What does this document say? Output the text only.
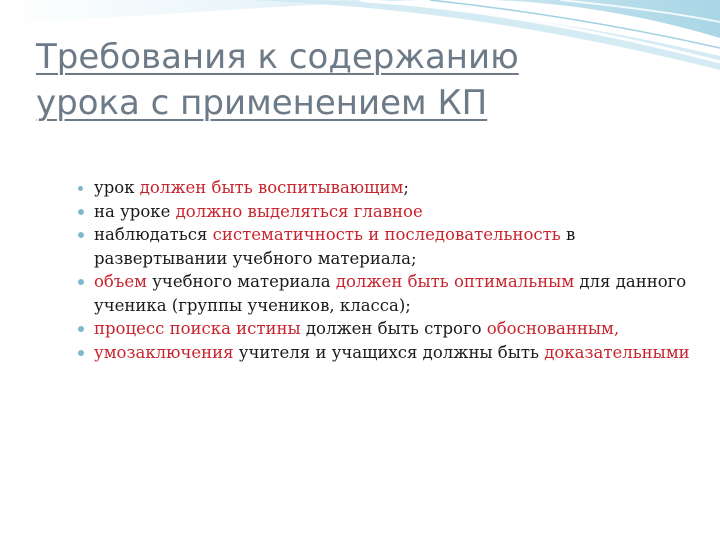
Требования к содержанию
урока с применением КП
урок должен быть воспитывающим;
на уроке должно выделяться главное
наблюдаться систематичность и последовательность в развертывании учебного материала;
объем учебного материала должен быть оптимальным для данного ученика (группы учеников, класса);
процесс поиска истины должен быть строго обоснованным,
умозаключения учителя и учащихся должны быть доказательными
